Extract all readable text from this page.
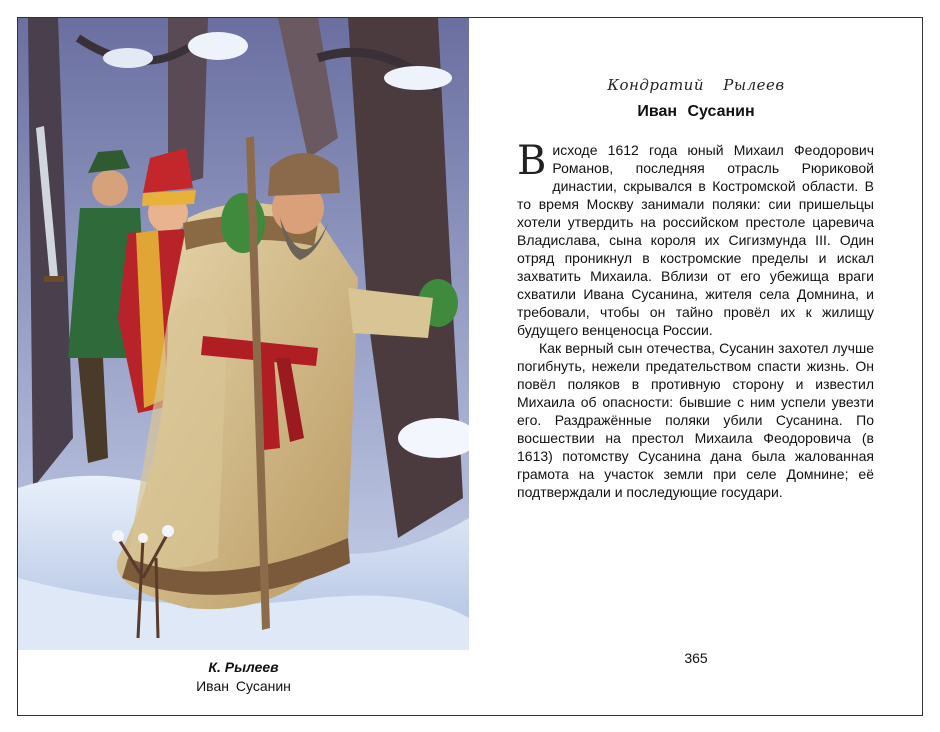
К. Рылеев
Иван Сусанин
Кондратий Рылеев
Иван Сусанин

В исходе 1612 года юный Михаил Феодорович Романов, последняя отрасль Рюриковой династии, скрывался в Костромской области. В то время Москву занимали поляки: сии пришельцы хотели утвердить на российском престоле царевича Владислава, сына короля их Сигизмунда III. Один отряд проникнул в костромские пределы и искал захватить Михаила. Вблизи от его убежища враги схватили Ивана Сусанина, жителя села Домнина, и требовали, чтобы он тайно провёл их к жилищу будущего венценосца России.

Как верный сын отечества, Сусанин захотел лучше погибнуть, нежели предательством спасти жизнь. Он повёл поляков в противную сторону и известил Михаила об опасности: бывшие с ним успели увезти его. Раздражённые поляки убили Сусанина. По восшествии на престол Михаила Феодоровича (в 1613) потомству Сусанина дана была жалованная грамота на участок земли при селе Домнине; её подтверждали и последующие государи.

365
